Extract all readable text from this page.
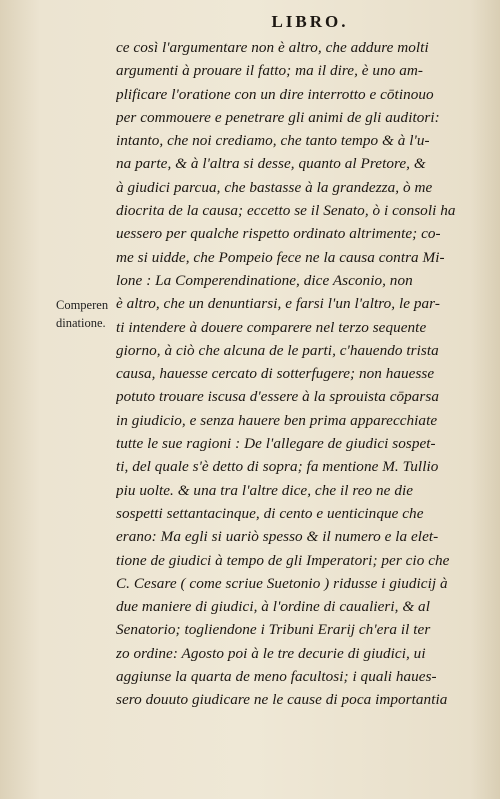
LIBRO.
Comperen
dinatione.
ce così l'argumentare non è altro, che addure molti
argumenti à prouare il fatto; ma il dire, è uno am-
plificare l'oratione con un dire interrotto e cōtinouo
per commouere e penetrare gli animi de gli auditori:
intanto, che noi crediamo, che tanto tempo & à l'u-
na parte, & à l'altra si desse, quanto al Pretore, &
à giudici parcua, che bastasse à la grandezza, ò me
diocrita de la causa; eccetto se il Senato, ò i consoli ha
uessero per qualche rispetto ordinato altrimente; co-
me si uidde, che Pompeio fece ne la causa contra Mi-
lone : La Comperendinatione, dice Asconio, non
è altro, che un denuntiarsi, e farsi l'un l'altro, le par-
ti intendere à douere comparere nel terzo sequente
giorno, à ciò che alcuna de le parti, c'hauendo trista
causa, hauesse cercato di sotterfugere; non hauesse
potuto trouare iscusa d'essere à la sprouista cōparsa
in giudicio, e senza hauere ben prima apparecchiate
tutte le sue ragioni : De l'allegare de giudici sospet-
ti, del quale s'è detto di sopra; fa mentione M. Tullio
piu uolte. & una tra l'altre dice, che il reo ne die
sospetti settantacinque, di cento e uenticinque che
erano: Ma egli si uariò spesso & il numero e la elet-
tione de giudici à tempo de gli Imperatori; per cio che
C. Cesare ( come scriue Suetonio ) ridusse i giudicij à
due maniere di giudici, à l'ordine di caualieri, & al
Senatorio; togliendone i Tribuni Erarij ch'era il ter
zo ordine: Agosto poi à le tre decurie di giudici, ui
aggiunse la quarta de meno facultosi; i quali haues-
sero douuto giudicare ne le cause di poca importantia
